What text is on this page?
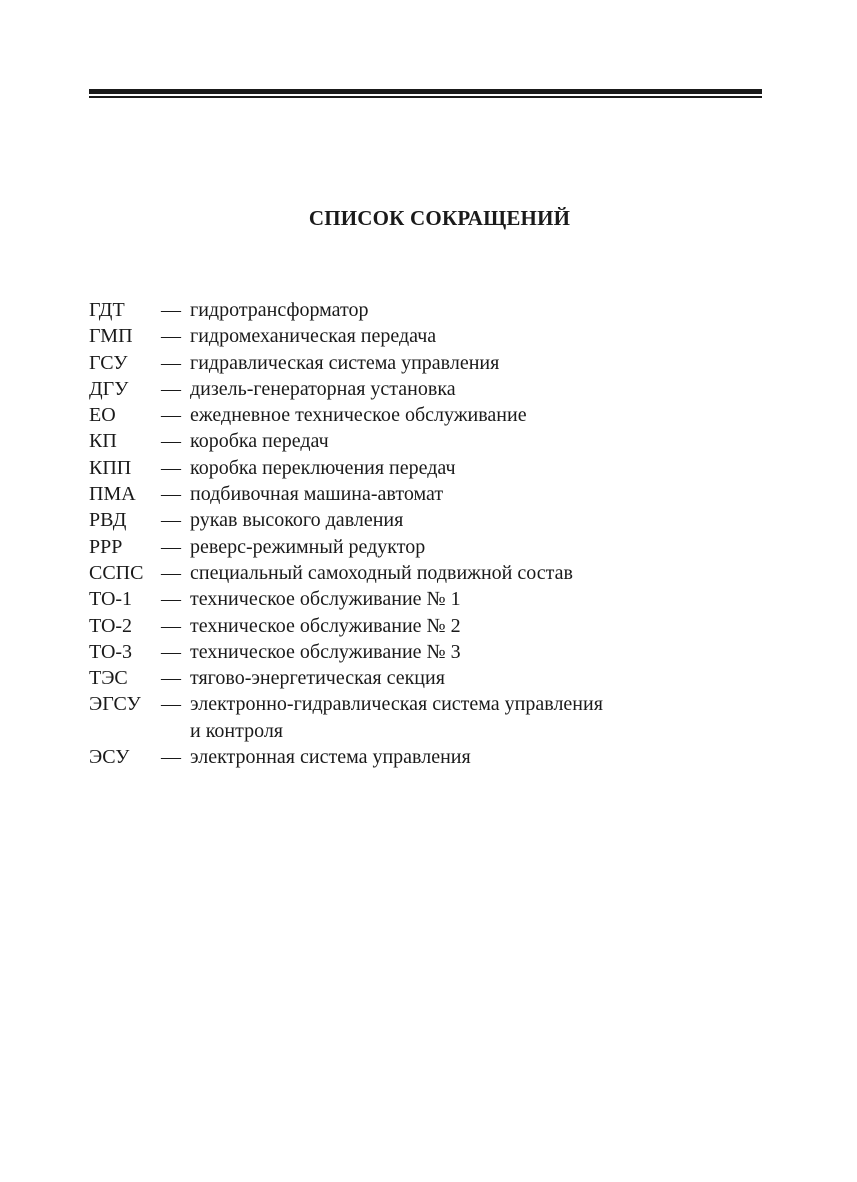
СПИСОК СОКРАЩЕНИЙ
ГДТ	— гидротрансформатор
ГМП	— гидромеханическая передача
ГСУ	— гидравлическая система управления
ДГУ	— дизель-генераторная установка
ЕО	— ежедневное техническое обслуживание
КП	— коробка передач
КПП	— коробка переключения передач
ПМА	— подбивочная машина-автомат
РВД	— рукав высокого давления
РРР	— реверс-режимный редуктор
ССПС — специальный самоходный подвижной состав
ТО-1	— техническое обслуживание № 1
ТО-2	— техническое обслуживание № 2
ТО-3	— техническое обслуживание № 3
ТЭС	— тягово-энергетическая секция
ЭГСУ	— электронно-гидравлическая система управления
и контроля
ЭСУ	— электронная система управления
